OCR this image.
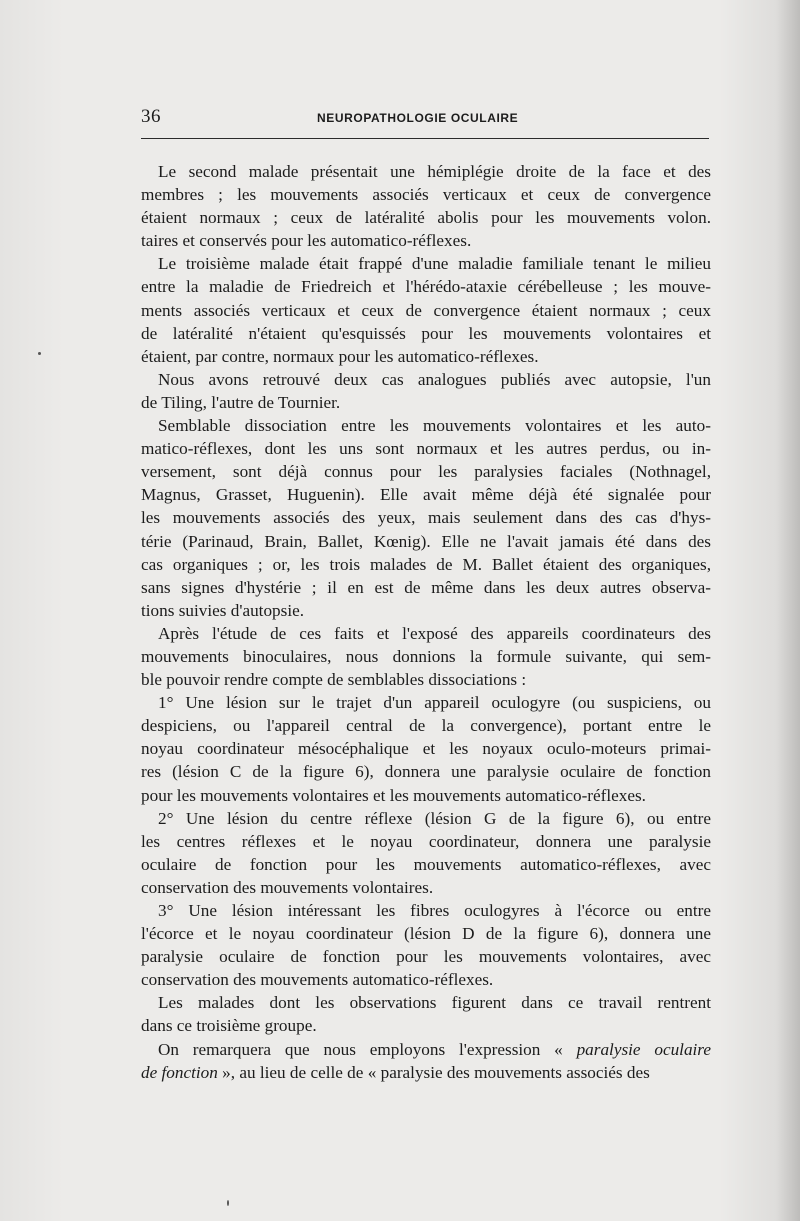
36	NEUROPATHOLOGIE OCULAIRE

Le second malade présentait une hémiplégie droite de la face et des
membres ; les mouvements associés verticaux et ceux de convergence
étaient normaux ; ceux de latéralité abolis pour les mouvements volon.
taires et conservés pour les automatico-réflexes.

Le troisième malade était frappé d'une maladie familiale tenant le milieu
entre la maladie de Friedreich et l'hérédo-ataxie cérébelleuse ; les mouve-
ments associés verticaux et ceux de convergence étaient normaux ; ceux
de latéralité n'étaient qu'esquissés pour les mouvements volontaires et
étaient, par contre, normaux pour les automatico-réflexes.

Nous avons retrouvé deux cas analogues publiés avec autopsie, l'un
de Tiling, l'autre de Tournier.

Semblable dissociation entre les mouvements volontaires et les auto-
matico-réflexes, dont les uns sont normaux et les autres perdus, ou in-
versement, sont déjà connus pour les paralysies faciales (Nothnagel,
Magnus, Grasset, Huguenin). Elle avait même déjà été signalée pour
les mouvements associés des yeux, mais seulement dans des cas d'hys-
térie (Parinaud, Brain, Ballet, Kœnig). Elle ne l'avait jamais été dans des
cas organiques ; or, les trois malades de M. Ballet étaient des organiques,
sans signes d'hystérie ; il en est de même dans les deux autres observa-
tions suivies d'autopsie.

Après l'étude de ces faits et l'exposé des appareils coordinateurs des
mouvements binoculaires, nous donnions la formule suivante, qui sem-
ble pouvoir rendre compte de semblables dissociations :

1° Une lésion sur le trajet d'un appareil oculogyre (ou suspiciens, ou
despiciens, ou l'appareil central de la convergence), portant entre le
noyau coordinateur mésocéphalique et les noyaux oculo-moteurs primai-
res (lésion C de la figure 6), donnera une paralysie oculaire de fonction
pour les mouvements volontaires et les mouvements automatico-réflexes.

2° Une lésion du centre réflexe (lésion G de la figure 6), ou entre
les centres réflexes et le noyau coordinateur, donnera une paralysie
oculaire de fonction pour les mouvements automatico-réflexes, avec
conservation des mouvements volontaires.

3° Une lésion intéressant les fibres oculogyres à l'écorce ou entre
l'écorce et le noyau coordinateur (lésion D de la figure 6), donnera une
paralysie oculaire de fonction pour les mouvements volontaires, avec
conservation des mouvements automatico-réflexes.

Les malades dont les observations figurent dans ce travail rentrent
dans ce troisième groupe.

On remarquera que nous employons l'expression « paralysie oculaire
de fonction », au lieu de celle de « paralysie des mouvements associés des
